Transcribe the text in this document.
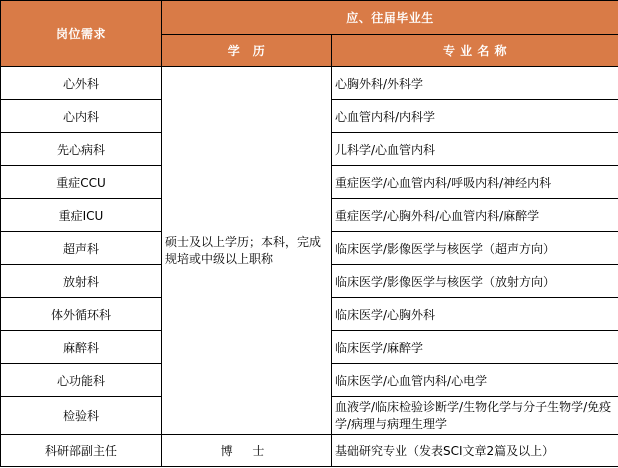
岗位需求	应、往届毕业生	
	学　历	专 业 名 称
心外科	硕士及以上学历；本科，完成规培或中级以上职称	心胸外科/外科学
心内科		心血管内科/内科学
先心病科		儿科学/心血管内科
重症CCU		重症医学/心血管内科/呼吸内科/神经内科
重症ICU		重症医学/心胸外科/心血管内科/麻醉学
超声科		临床医学/影像医学与核医学（超声方向）
放射科		临床医学/影像医学与核医学（放射方向）
体外循环科		临床医学/心胸外科
麻醉科		临床医学/麻醉学
心功能科		临床医学/心血管内科/心电学
检验科		血液学/临床检验诊断学/生物化学与分子生物学/免疫学/病理与病理生理学
科研部副主任	博 士	基础研究专业（发表SCI文章2篇及以上）
